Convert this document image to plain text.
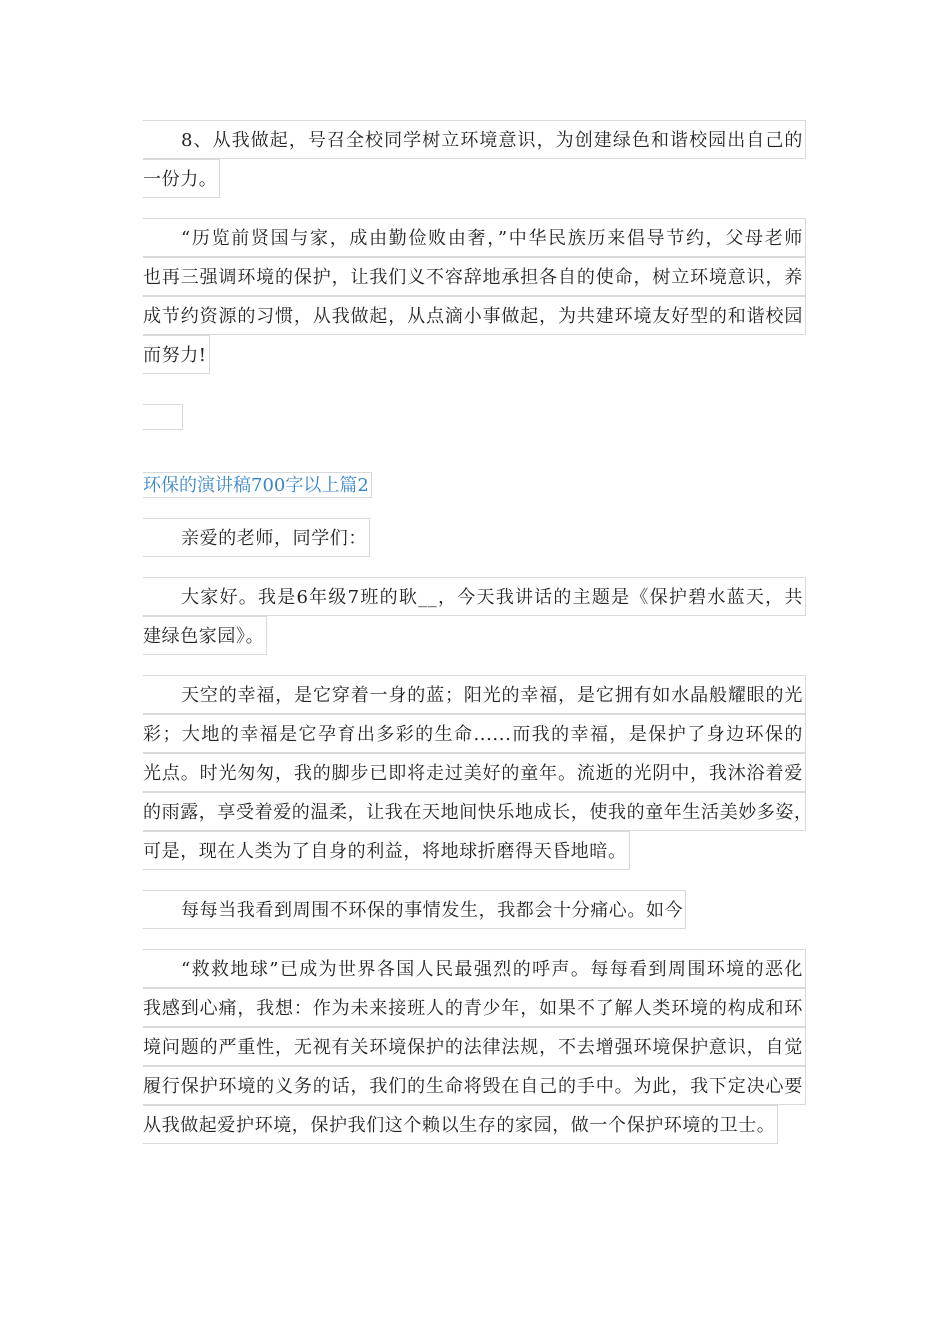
8、从我做起，号召全校同学树立环境意识，为创建绿色和谐校园出自己的
一份力。
“历览前贤国与家，成由勤俭败由奢，”中华民族历来倡导节约，父母老师
也再三强调环境的保护，让我们义不容辞地承担各自的使命，树立环境意识，养
成节约资源的习惯，从我做起，从点滴小事做起，为共建环境友好型的和谐校园
而努力!
环保的演讲稿700字以上篇2
亲爱的老师，同学们：
大家好。我是6年级7班的耿__，今天我讲话的主题是《保护碧水蓝天，共
建绿色家园》。
天空的幸福，是它穿着一身的蓝；阳光的幸福，是它拥有如水晶般耀眼的光
彩；大地的幸福是它孕育出多彩的生命......而我的幸福，是保护了身边环保的
光点。时光匆匆，我的脚步已即将走过美好的童年。流逝的光阴中，我沐浴着爱
的雨露，享受着爱的温柔，让我在天地间快乐地成长，使我的童年生活美妙多姿，
可是，现在人类为了自身的利益，将地球折磨得天昏地暗。
每每当我看到周围不环保的事情发生，我都会十分痛心。如今
“救救地球”已成为世界各国人民最强烈的呼声。每每看到周围环境的恶化
我感到心痛，我想：作为未来接班人的青少年，如果不了解人类环境的构成和环
境问题的严重性，无视有关环境保护的法律法规，不去增强环境保护意识，自觉
履行保护环境的义务的话，我们的生命将毁在自己的手中。为此，我下定决心要
从我做起爱护环境，保护我们这个赖以生存的家园，做一个保护环境的卫士。
